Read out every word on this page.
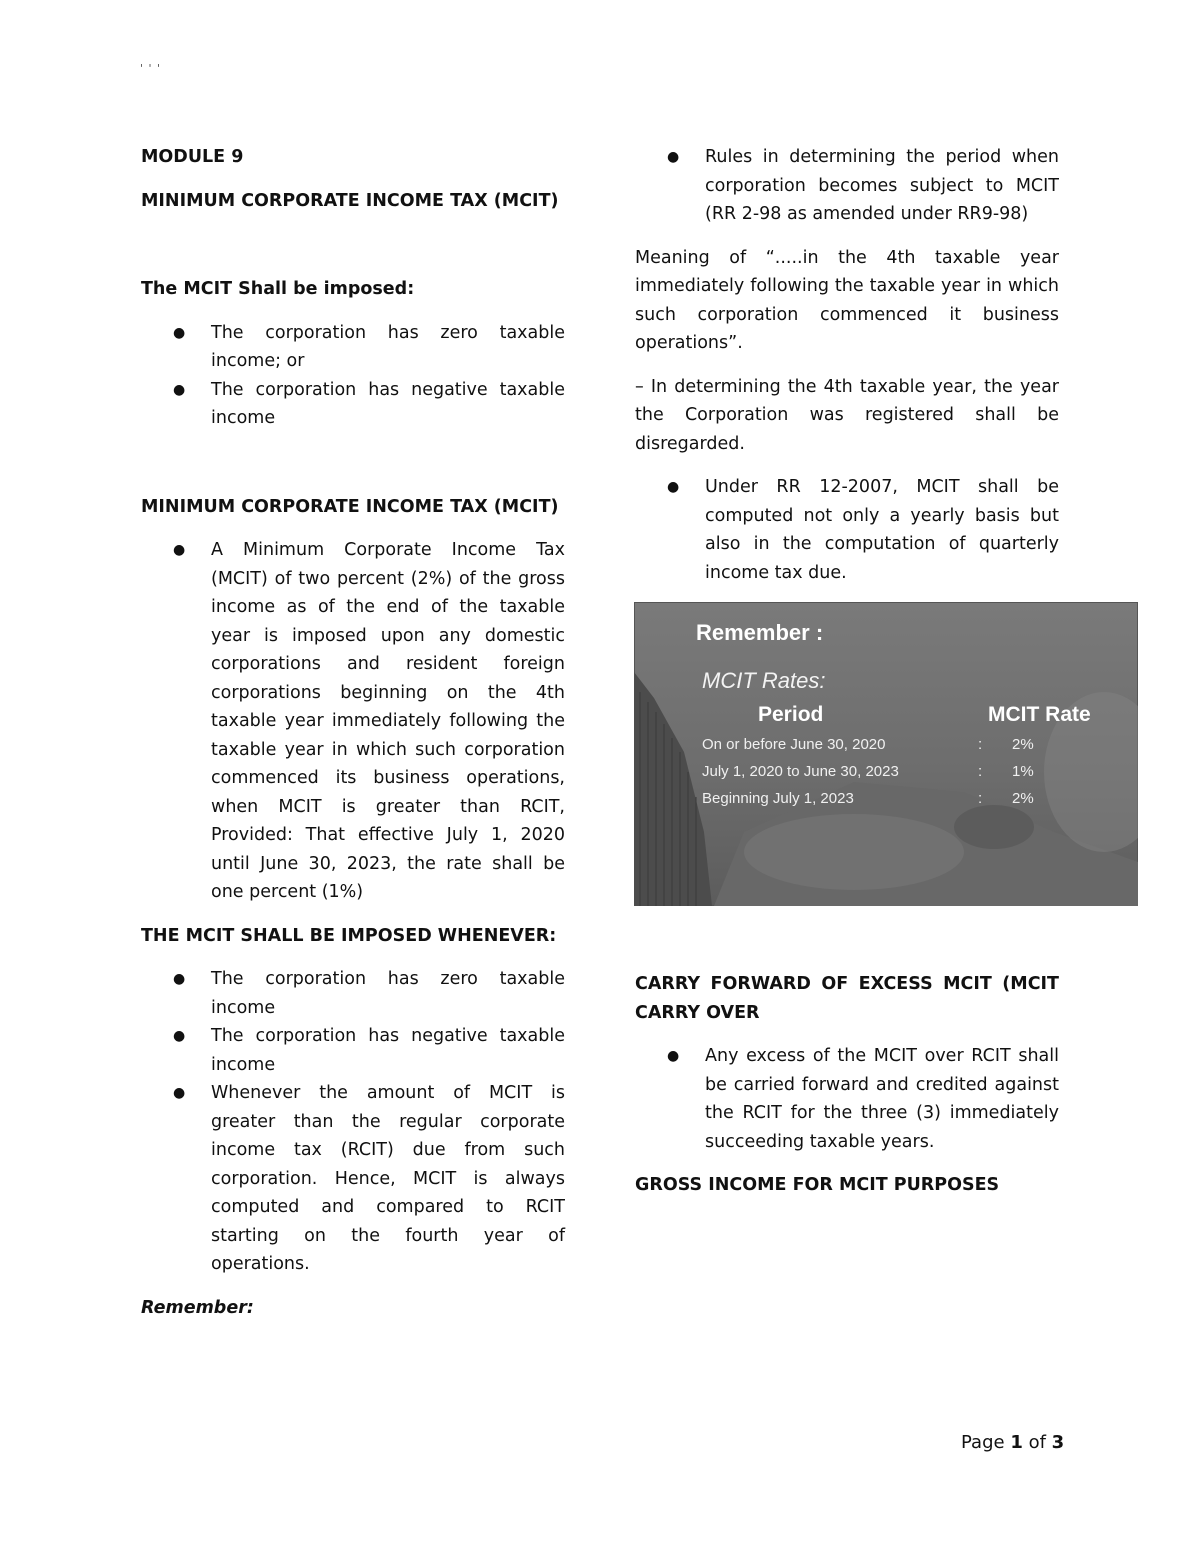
' ' '

MODULE 9

MINIMUM CORPORATE INCOME TAX (MCIT)

The MCIT Shall be imposed:

● The corporation has zero taxable income; or
● The corporation has negative taxable income

MINIMUM CORPORATE INCOME TAX (MCIT)

● A Minimum Corporate Income Tax (MCIT) of two percent (2%) of the gross income as of the end of the taxable year is imposed upon any domestic corporations and resident foreign corporations beginning on the 4th taxable year immediately following the taxable year in which such corporation commenced its business operations, when MCIT is greater than RCIT, Provided: That effective July 1, 2020 until June 30, 2023, the rate shall be one percent (1%)

THE MCIT SHALL BE IMPOSED WHENEVER:

● The corporation has zero taxable income
● The corporation has negative taxable income
● Whenever the amount of MCIT is greater than the regular corporate income tax (RCIT) due from such corporation. Hence, MCIT is always computed and compared to RCIT starting on the fourth year of operations.

Remember:

● Rules in determining the period when corporation becomes subject to MCIT (RR 2-98 as amended under RR9-98)

Meaning of “.....in the 4th taxable year immediately following the taxable year in which such corporation commenced it business operations”.

– In determining the 4th taxable year, the year the Corporation was registered shall be disregarded.

● Under RR 12-2007, MCIT shall be computed not only a yearly basis but also in the computation of quarterly income tax due.
Remember :
MCIT Rates:
Period	MCIT Rate
On or before June 30, 2020	: 2%
July 1, 2020 to June 30, 2023	: 1%
Beginning July 1, 2023	: 2%

CARRY FORWARD OF EXCESS MCIT (MCIT CARRY OVER

● Any excess of the MCIT over RCIT shall be carried forward and credited against the RCIT for the three (3) immediately succeeding taxable years.

GROSS INCOME FOR MCIT PURPOSES

Page 1 of 3
